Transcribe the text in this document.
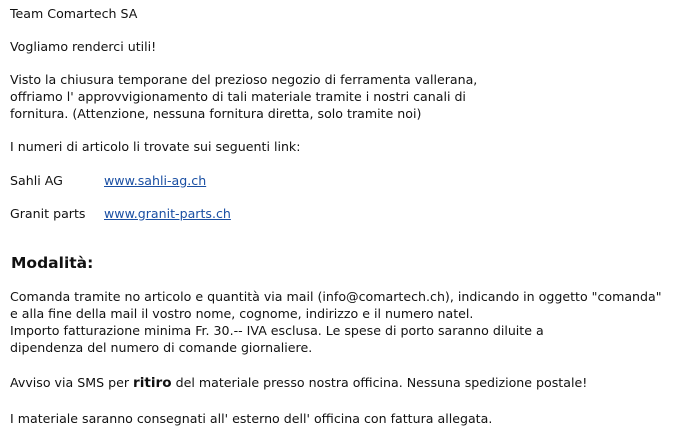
Team Comartech SA

Vogliamo renderci utili!

Visto la chiusura temporane del prezioso negozio di ferramenta vallerana,

offriamo l' approvvigionamento di tali materiale tramite i nostri canali di

fornitura. (Attenzione, nessuna fornitura diretta, solo tramite noi)

I numeri di articolo li trovate sui seguenti link:

Sahli AG	www.sahli-ag.ch
Granit parts	www.granit-parts.ch
Modalità:

Comanda tramite no articolo e quantità via mail (info@comartech.ch), indicando in oggetto "comanda"

e alla fine della mail il vostro nome, cognome, indirizzo e il numero natel.

Importo fatturazione minima Fr. 30.-- IVA esclusa. Le spese di porto saranno diluite a

dipendenza del numero di comande giornaliere.

Avviso via SMS per ritiro del materiale presso nostra officina. Nessuna spedizione postale!

I materiale saranno consegnati all' esterno dell' officina con fattura allegata.
